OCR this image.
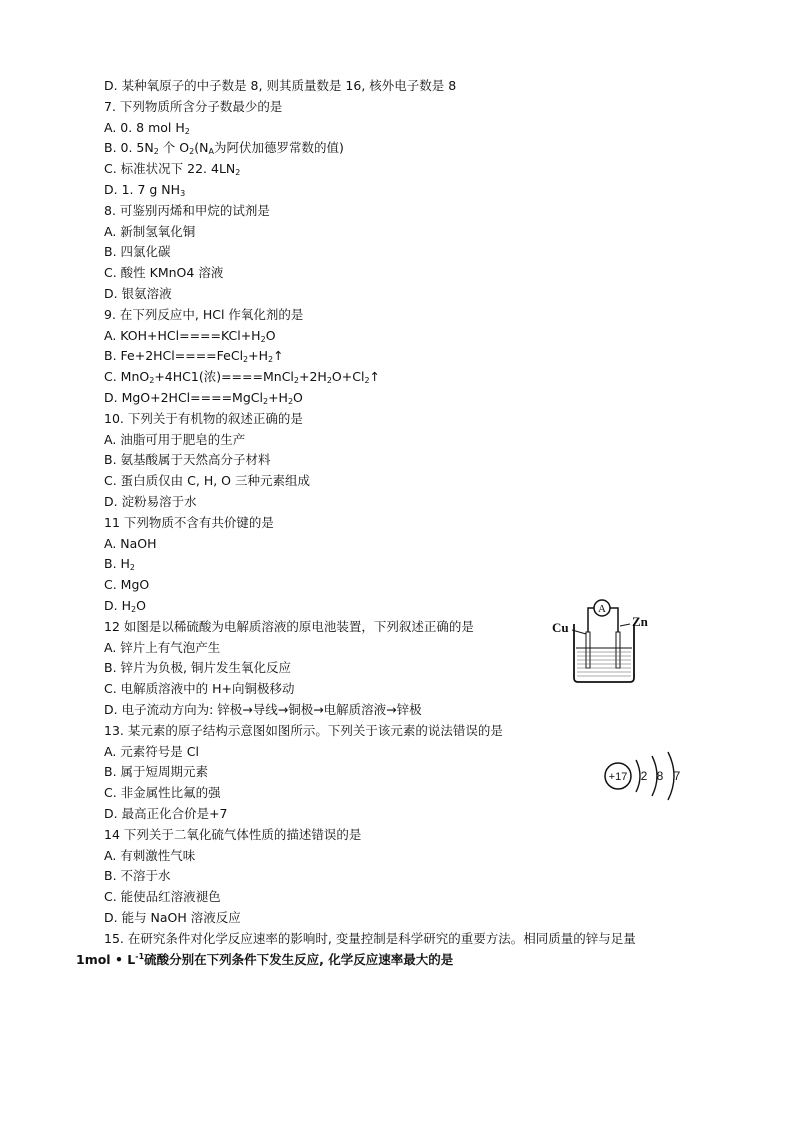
D. 某种氧原子的中子数是 8, 则其质量数是 16, 核外电子数是 8
7. 下列物质所含分子数最少的是
A. 0. 8 mol $H_2$
B. 0. $5N_2$ 个 $O_2(N_A$为阿伏加德罗常数的值)
C. 标准状况下 22. $4LN_2$
D. 1. 7 g $NH_3$
8. 可鉴别丙烯和甲烷的试剂是
A. 新制氢氧化铜
B. 四氯化碳
C. 酸性 KMnO4 溶液
D. 银氨溶液
9. 在下列反应中, HCl 作氧化剂的是
A. $KOH+HCl====KCl+H_2O$
B. $Fe+2HCl====FeCl_2+H_2↑$
C. MnO$_2$+4HC1(浓)$====MnCl_2+2H_2O+Cl_2↑$
D. $MgO+2HCl====MgCl_2+H_2O$
10. 下列关于有机物的叙述正确的是
A. 油脂可用于肥皂的生产
B. 氨基酸属于天然高分子材料
C. 蛋白质仅由 C, H, O 三种元素组成
D. 淀粉易溶于水
11 下列物质不含有共价键的是
A. NaOH
B. $H_2$
C. MgO
D. $H_2O$
12 如图是以稀硫酸为电解质溶液的原电池装置，下列叙述正确的是
A. 锌片上有气泡产生
B. 锌片为负极, 铜片发生氧化反应
C. 电解质溶液中的 H+向铜极移动
D. 电子流动方向为: 锌极→导线→铜极→电解质溶液→锌极
13. 某元素的原子结构示意图如图所示。下列关于该元素的说法错误的是
A. 元素符号是 Cl
B. 属于短周期元素
C. 非金属性比氟的强
D. 最高正化合价是+7
14 下列关于二氧化硫气体性质的描述错误的是
A. 有刺激性气味
B. 不溶于水
C. 能使品红溶液褪色
D. 能与 NaOH 溶液反应
15. 在研究条件对化学反应速率的影响时, 变量控制是科学研究的重要方法。相同质量的锌与足量
1mol • $L^{-1}$硫酸分别在下列条件下发生反应, 化学反应速率最大的是
A
Cu	Zn
+17 2 8 7
